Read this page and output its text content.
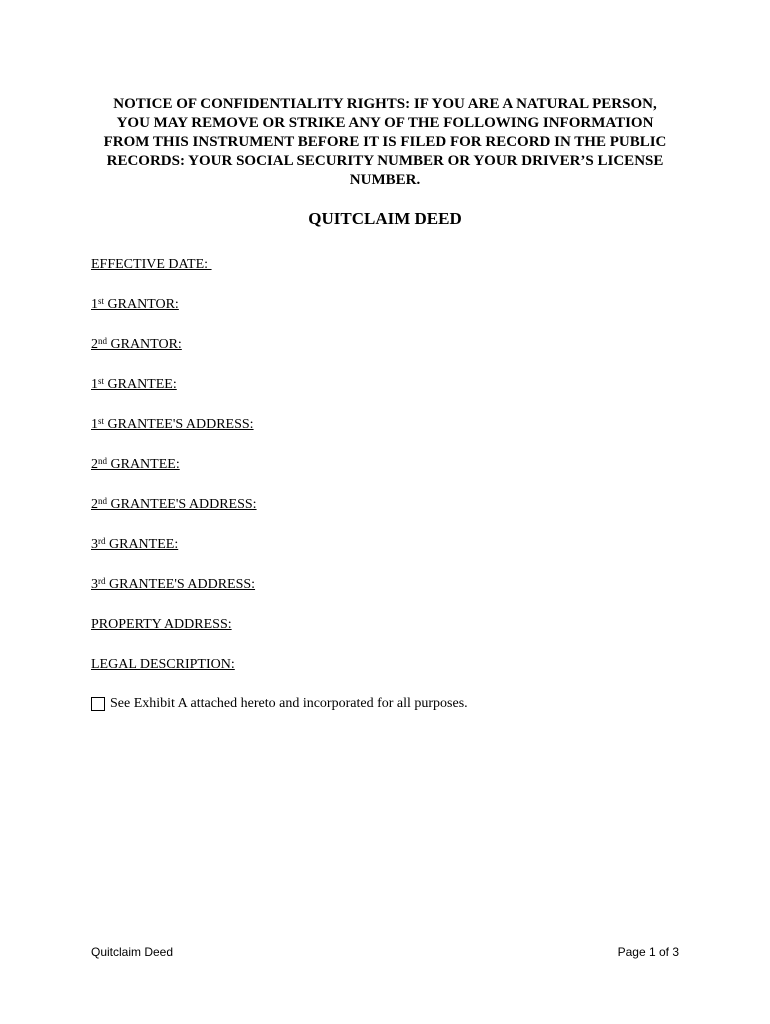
NOTICE OF CONFIDENTIALITY RIGHTS: IF YOU ARE A NATURAL PERSON,
YOU MAY REMOVE OR STRIKE ANY OF THE FOLLOWING INFORMATION
FROM THIS INSTRUMENT BEFORE IT IS FILED FOR RECORD IN THE PUBLIC
RECORDS: YOUR SOCIAL SECURITY NUMBER OR YOUR DRIVER’S LICENSE
NUMBER.
QUITCLAIM DEED
EFFECTIVE DATE:
1st GRANTOR:
2nd GRANTOR:
1st GRANTEE:
1st GRANTEE'S ADDRESS:
2nd GRANTEE:
2nd GRANTEE'S ADDRESS:
3rd GRANTEE:
3rd GRANTEE'S ADDRESS:
PROPERTY ADDRESS:
LEGAL DESCRIPTION:
See Exhibit A attached hereto and incorporated for all purposes.
Quitclaim Deed	Page 1 of 3
